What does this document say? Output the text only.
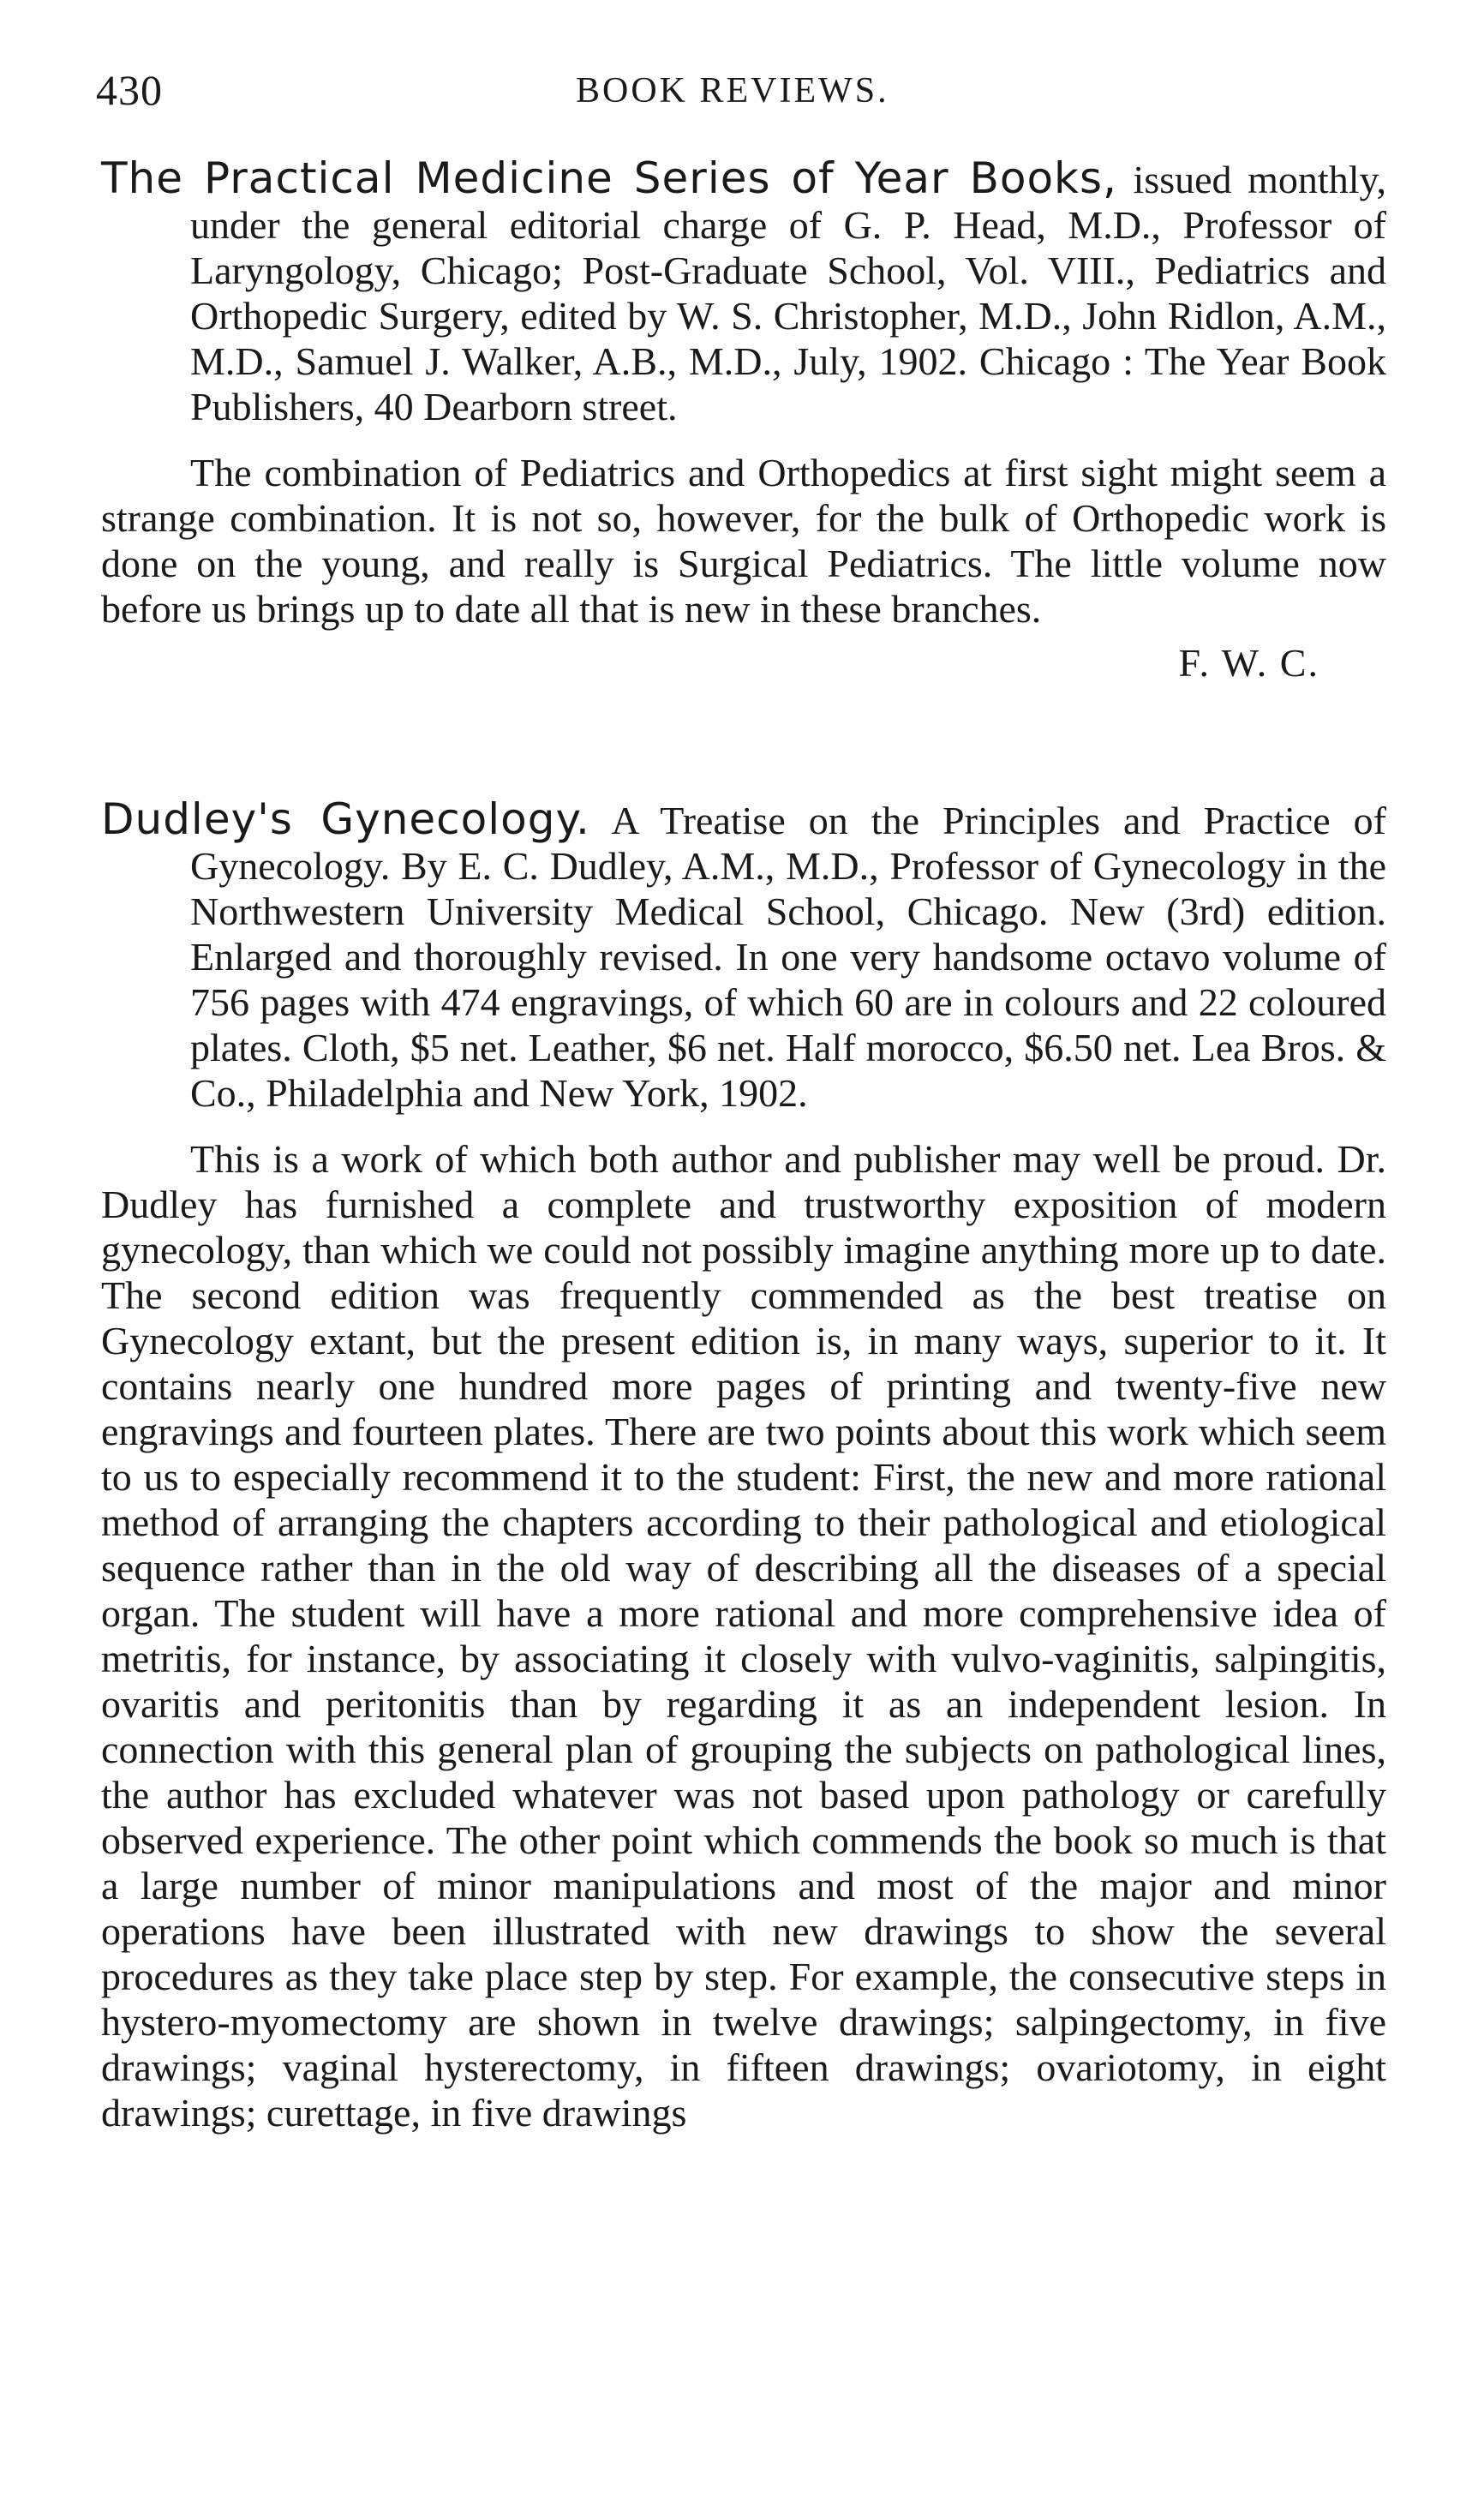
430	BOOK REVIEWS.

The Practical Medicine Series of Year Books, issued monthly, under the general editorial charge of G. P. Head, M.D., Professor of Laryngology, Chicago; Post-Graduate School, Vol. VIII., Pediatrics and Orthopedic Surgery, edited by W. S. Christopher, M.D., John Ridlon, A.M., M.D., Samuel J. Walker, A.B., M.D., July, 1902. Chicago : The Year Book Publishers, 40 Dearborn street.

The combination of Pediatrics and Orthopedics at first sight might seem a strange combination. It is not so, however, for the bulk of Orthopedic work is done on the young, and really is Surgical Pediatrics. The little volume now before us brings up to date all that is new in these branches.

F. W. C.

Dudley's Gynecology. A Treatise on the Principles and Practice of Gynecology. By E. C. Dudley, A.M., M.D., Professor of Gynecology in the Northwestern University Medical School, Chicago. New (3rd) edition. Enlarged and thoroughly revised. In one very handsome octavo volume of 756 pages with 474 engravings, of which 60 are in colours and 22 coloured plates. Cloth, $5 net. Leather, $6 net. Half morocco, $6.50 net. Lea Bros. & Co., Philadelphia and New York, 1902.

This is a work of which both author and publisher may well be proud. Dr. Dudley has furnished a complete and trustworthy exposition of modern gynecology, than which we could not possibly imagine anything more up to date. The second edition was frequently commended as the best treatise on Gynecology extant, but the present edition is, in many ways, superior to it. It contains nearly one hundred more pages of printing and twenty-five new engravings and fourteen plates. There are two points about this work which seem to us to especially recommend it to the student: First, the new and more rational method of arranging the chapters according to their pathological and etiological sequence rather than in the old way of describing all the diseases of a special organ. The student will have a more rational and more comprehensive idea of metritis, for instance, by associating it closely with vulvo-vaginitis, salpingitis, ovaritis and peritonitis than by regarding it as an independent lesion. In connection with this general plan of grouping the subjects on pathological lines, the author has excluded whatever was not based upon pathology or carefully observed experience. The other point which commends the book so much is that a large number of minor manipulations and most of the major and minor operations have been illustrated with new drawings to show the several procedures as they take place step by step. For example, the consecutive steps in hystero-myomectomy are shown in twelve drawings; salpingectomy, in five drawings; vaginal hysterectomy, in fifteen drawings; ovariotomy, in eight drawings; curettage, in five drawings
